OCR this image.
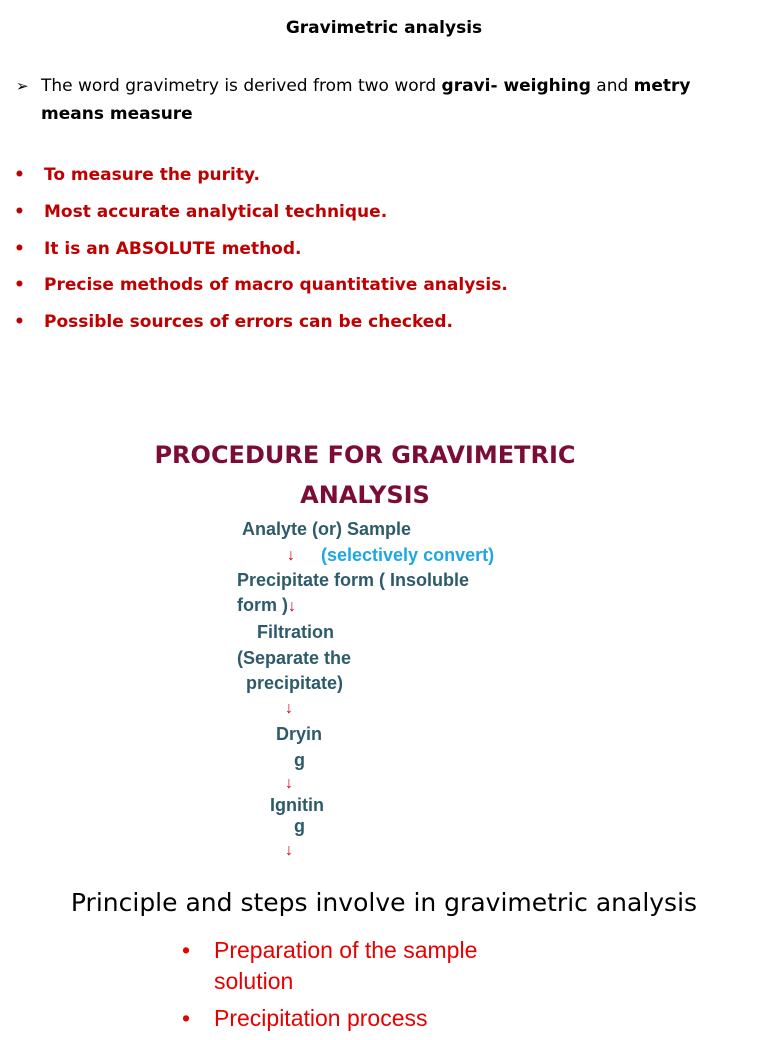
Gravimetric analysis
➢ The word gravimetry is derived from two word gravi- weighing and metry means measure
• To measure the purity.
• Most accurate analytical technique.
• It is an ABSOLUTE method.
• Precise methods of macro quantitative analysis.
• Possible sources of errors can be checked.
PROCEDURE FOR GRAVIMETRIC
ANALYSIS
Analyte (or) Sample
↓ (selectively convert)
Precipitate form ( Insoluble
form )↓
Filtration
(Separate the
precipitate)
↓
Dryin
g
↓
Ignitin
g
↓
Principle and steps involve in gravimetric analysis
• Preparation of the sample solution
• Precipitation process
